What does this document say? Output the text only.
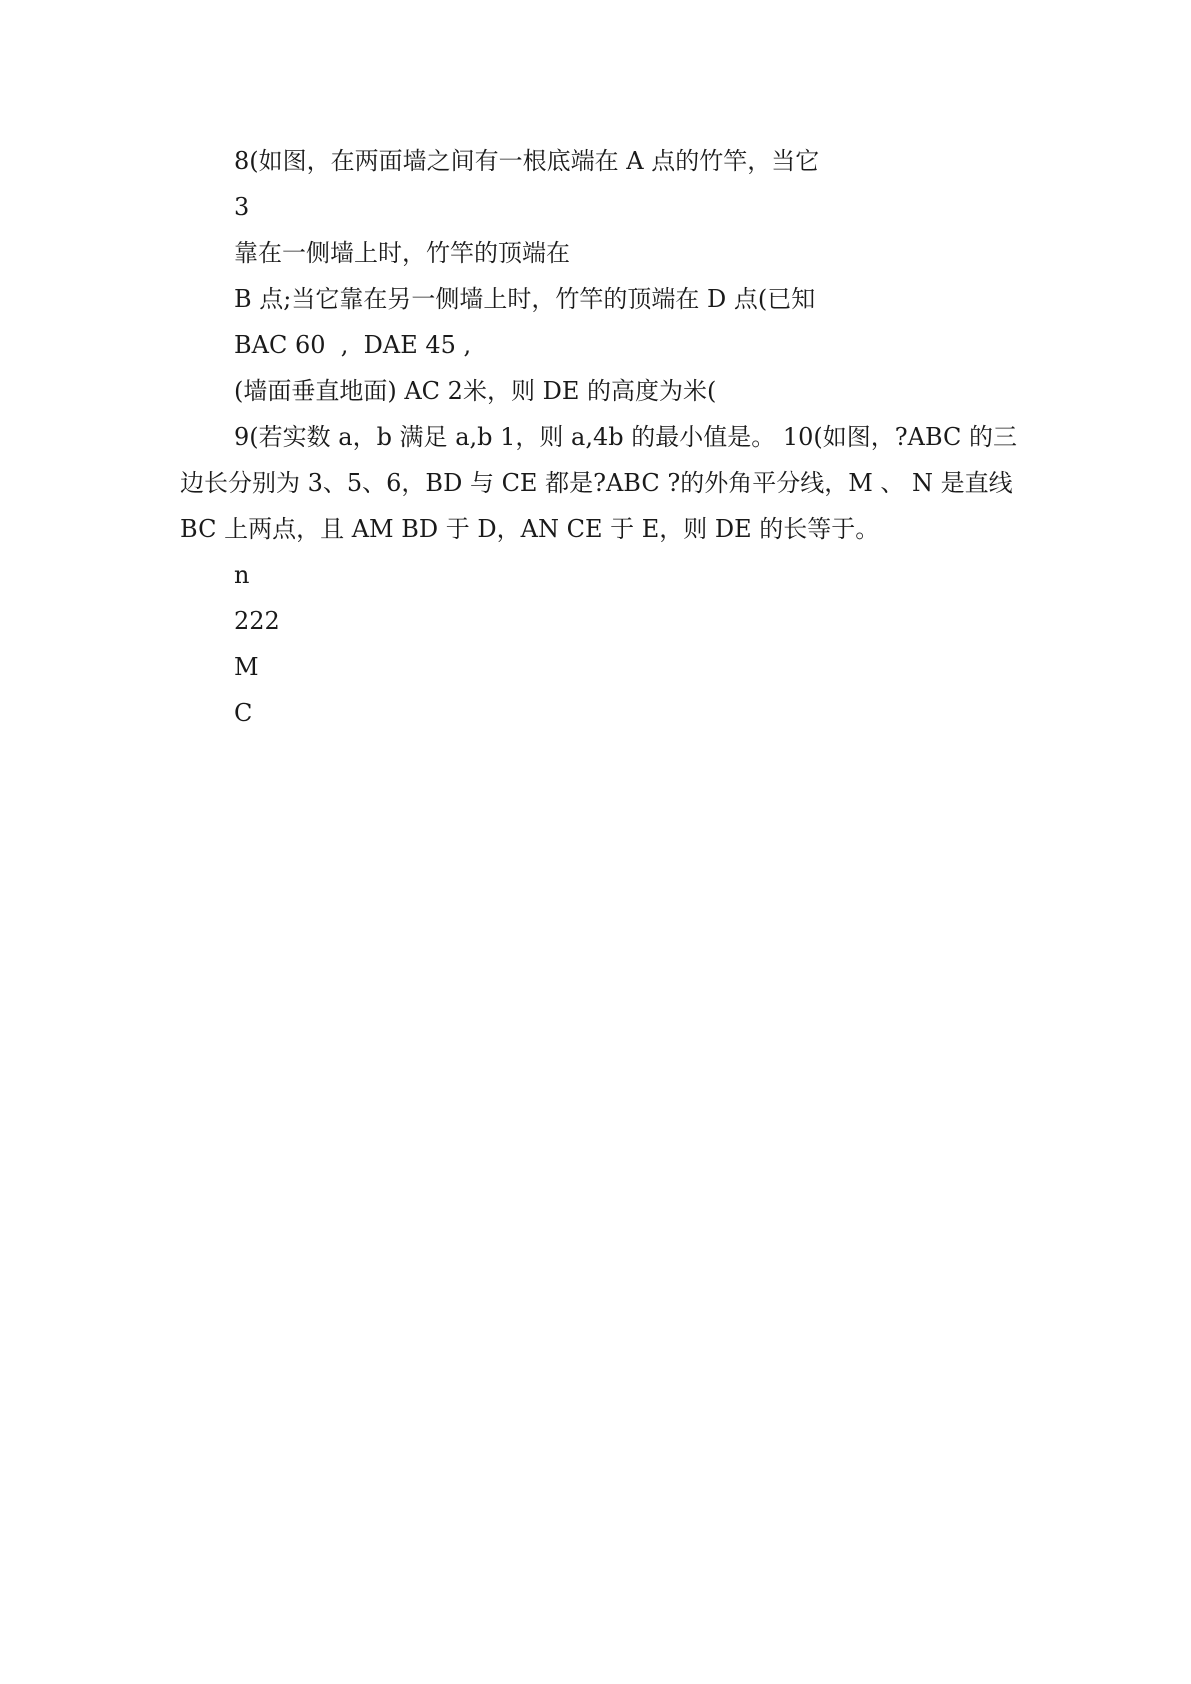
8(如图，在两面墙之间有一根底端在 A 点的竹竿，当它
3
靠在一侧墙上时，竹竿的顶端在
B 点;当它靠在另一侧墙上时，竹竿的顶端在 D 点(已知
BAC 60  ,  DAE 45 ,
(墙面垂直地面) AC 2米，则 DE 的高度为米(
9(若实数 a，b 满足 a,b 1，则 a,4b 的最小值是。 10(如图，?ABC 的三边长分别为 3、5、6，BD 与 CE 都是?ABC ?的外角平分线，M 、 N 是直线 BC 上两点，且 AM BD 于 D，AN CE 于 E，则 DE 的长等于。
n
222
M
C
